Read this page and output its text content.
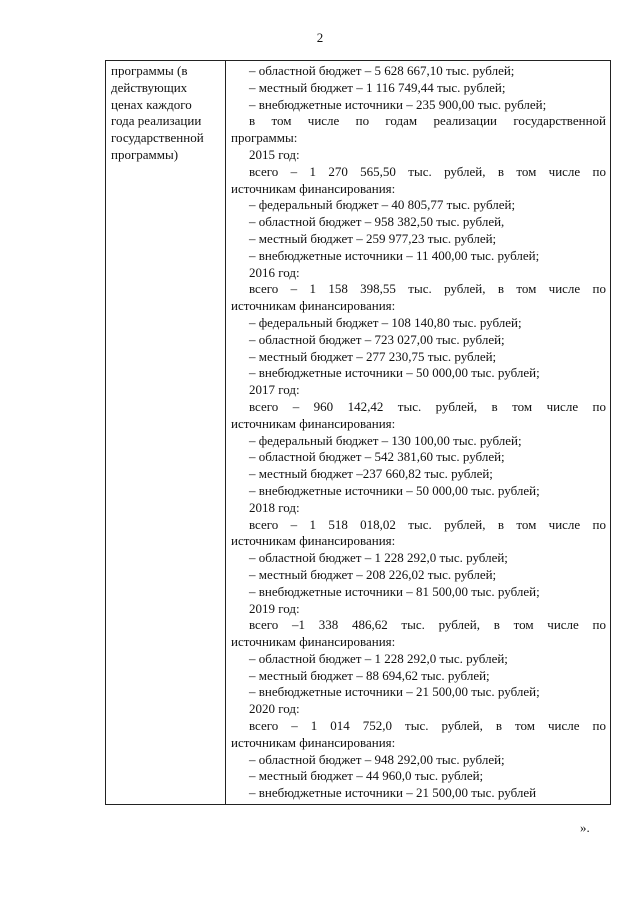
2
программы (в
действующих
ценах каждого
года реализации
государственной
программы)

– областной бюджет – 5 628 667,10 тыс. рублей;
– местный бюджет – 1 116 749,44 тыс. рублей;
– внебюджетные источники – 235 900,00 тыс. рублей;
в том числе по годам реализации государственной
программы:
2015 год:
всего – 1 270 565,50 тыс. рублей, в том числе по
источникам финансирования:
– федеральный бюджет – 40 805,77 тыс. рублей;
– областной бюджет – 958 382,50 тыс. рублей,
– местный бюджет – 259 977,23 тыс. рублей;
– внебюджетные источники – 11 400,00 тыс. рублей;
2016 год:
всего – 1 158 398,55 тыс. рублей, в том числе по
источникам финансирования:
– федеральный бюджет – 108 140,80 тыс. рублей;
– областной бюджет – 723 027,00 тыс. рублей;
– местный бюджет – 277 230,75 тыс. рублей;
– внебюджетные источники – 50 000,00 тыс. рублей;
2017 год:
всего – 960 142,42 тыс. рублей, в том числе по
источникам финансирования:
– федеральный бюджет – 130 100,00 тыс. рублей;
– областной бюджет – 542 381,60 тыс. рублей;
– местный бюджет –237 660,82 тыс. рублей;
– внебюджетные источники – 50 000,00 тыс. рублей;
2018 год:
всего – 1 518 018,02 тыс. рублей, в том числе по
источникам финансирования:
– областной бюджет – 1 228 292,0 тыс. рублей;
– местный бюджет – 208 226,02 тыс. рублей;
– внебюджетные источники – 81 500,00 тыс. рублей;
2019 год:
всего –1 338 486,62 тыс. рублей, в том числе по
источникам финансирования:
– областной бюджет – 1 228 292,0 тыс. рублей;
– местный бюджет – 88 694,62 тыс. рублей;
– внебюджетные источники – 21 500,00 тыс. рублей;
2020 год:
всего – 1 014 752,0 тыс. рублей, в том числе по
источникам финансирования:
– областной бюджет – 948 292,00 тыс. рублей;
– местный бюджет – 44 960,0 тыс. рублей;
– внебюджетные источники – 21 500,00 тыс. рублей
».
